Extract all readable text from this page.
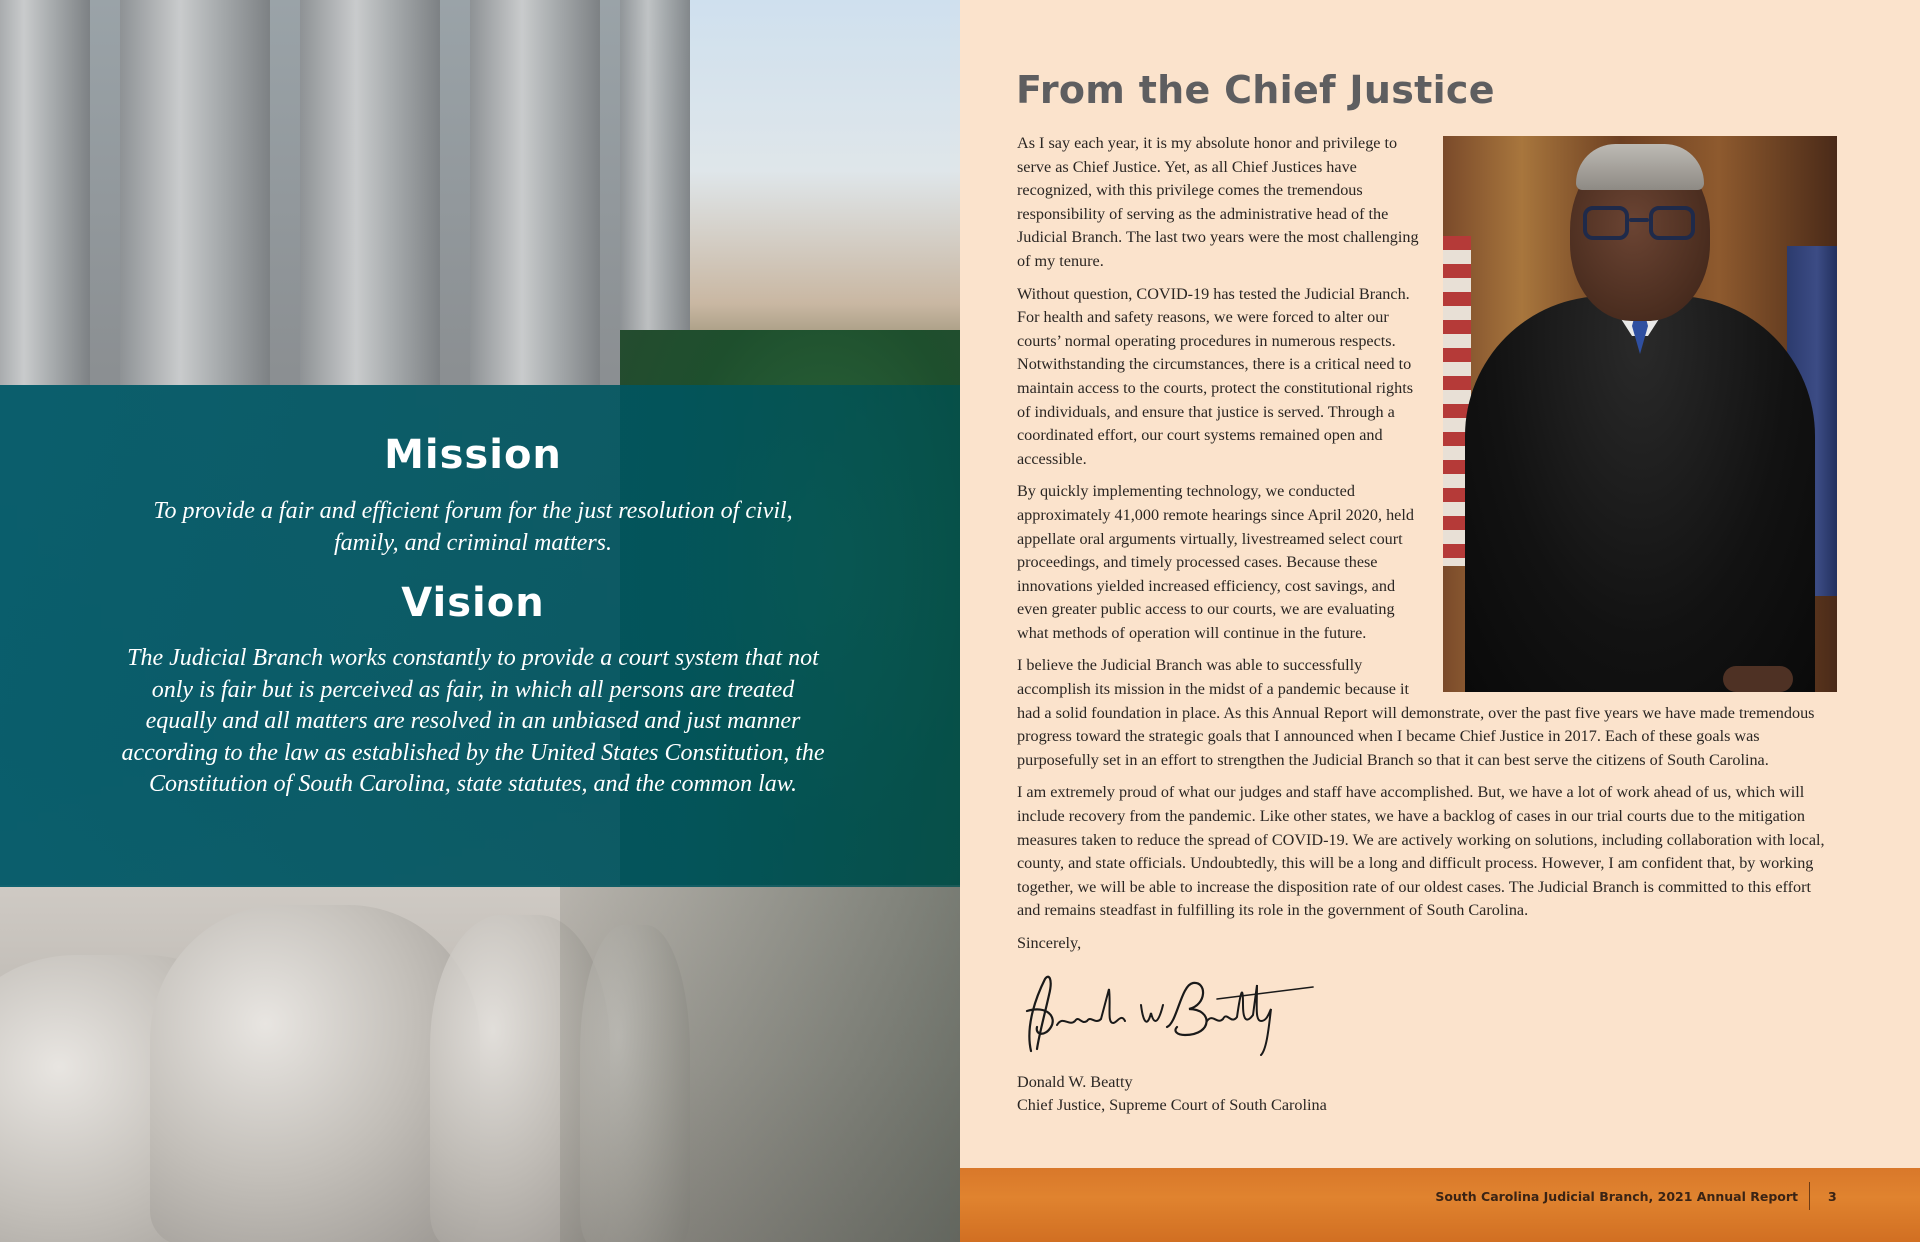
Mission

To provide a fair and efficient forum for the just resolution of civil, family, and criminal matters.

Vision

The Judicial Branch works constantly to provide a court system that not only is fair but is perceived as fair, in which all persons are treated equally and all matters are resolved in an unbiased and just manner according to the law as established by the United States Constitution, the Constitution of South Carolina, state statutes, and the common law.

From the Chief Justice

As I say each year, it is my absolute honor and privilege to serve as Chief Justice. Yet, as all Chief Justices have recognized, with this privilege comes the tremendous responsibility of serving as the administrative head of the Judicial Branch. The last two years were the most challenging of my tenure.

Without question, COVID-19 has tested the Judicial Branch. For health and safety reasons, we were forced to alter our courts’ normal operating procedures in numerous respects. Notwithstanding the circumstances, there is a critical need to maintain access to the courts, protect the constitutional rights of individuals, and ensure that justice is served. Through a coordinated effort, our court systems remained open and accessible.

By quickly implementing technology, we conducted approximately 41,000 remote hearings since April 2020, held appellate oral arguments virtually, livestreamed select court proceedings, and timely processed cases. Because these innovations yielded increased efficiency, cost savings, and even greater public access to our courts, we are evaluating what methods of operation will continue in the future.

I believe the Judicial Branch was able to successfully accomplish its mission in the midst of a pandemic because it had a solid foundation in place. As this Annual Report will demonstrate, over the past five years we have made tremendous progress toward the strategic goals that I announced when I became Chief Justice in 2017. Each of these goals was purposefully set in an effort to strengthen the Judicial Branch so that it can best serve the citizens of South Carolina.

I am extremely proud of what our judges and staff have accomplished. But, we have a lot of work ahead of us, which will include recovery from the pandemic. Like other states, we have a backlog of cases in our trial courts due to the mitigation measures taken to reduce the spread of COVID-19. We are actively working on solutions, including collaboration with local, county, and state officials. Undoubtedly, this will be a long and difficult process. However, I am confident that, by working together, we will be able to increase the disposition rate of our oldest cases. The Judicial Branch is committed to this effort and remains steadfast in fulfilling its role in the government of South Carolina.

Sincerely,

Donald W. Beatty
Chief Justice, Supreme Court of South Carolina
South Carolina Judicial Branch, 2021 Annual Report 3
